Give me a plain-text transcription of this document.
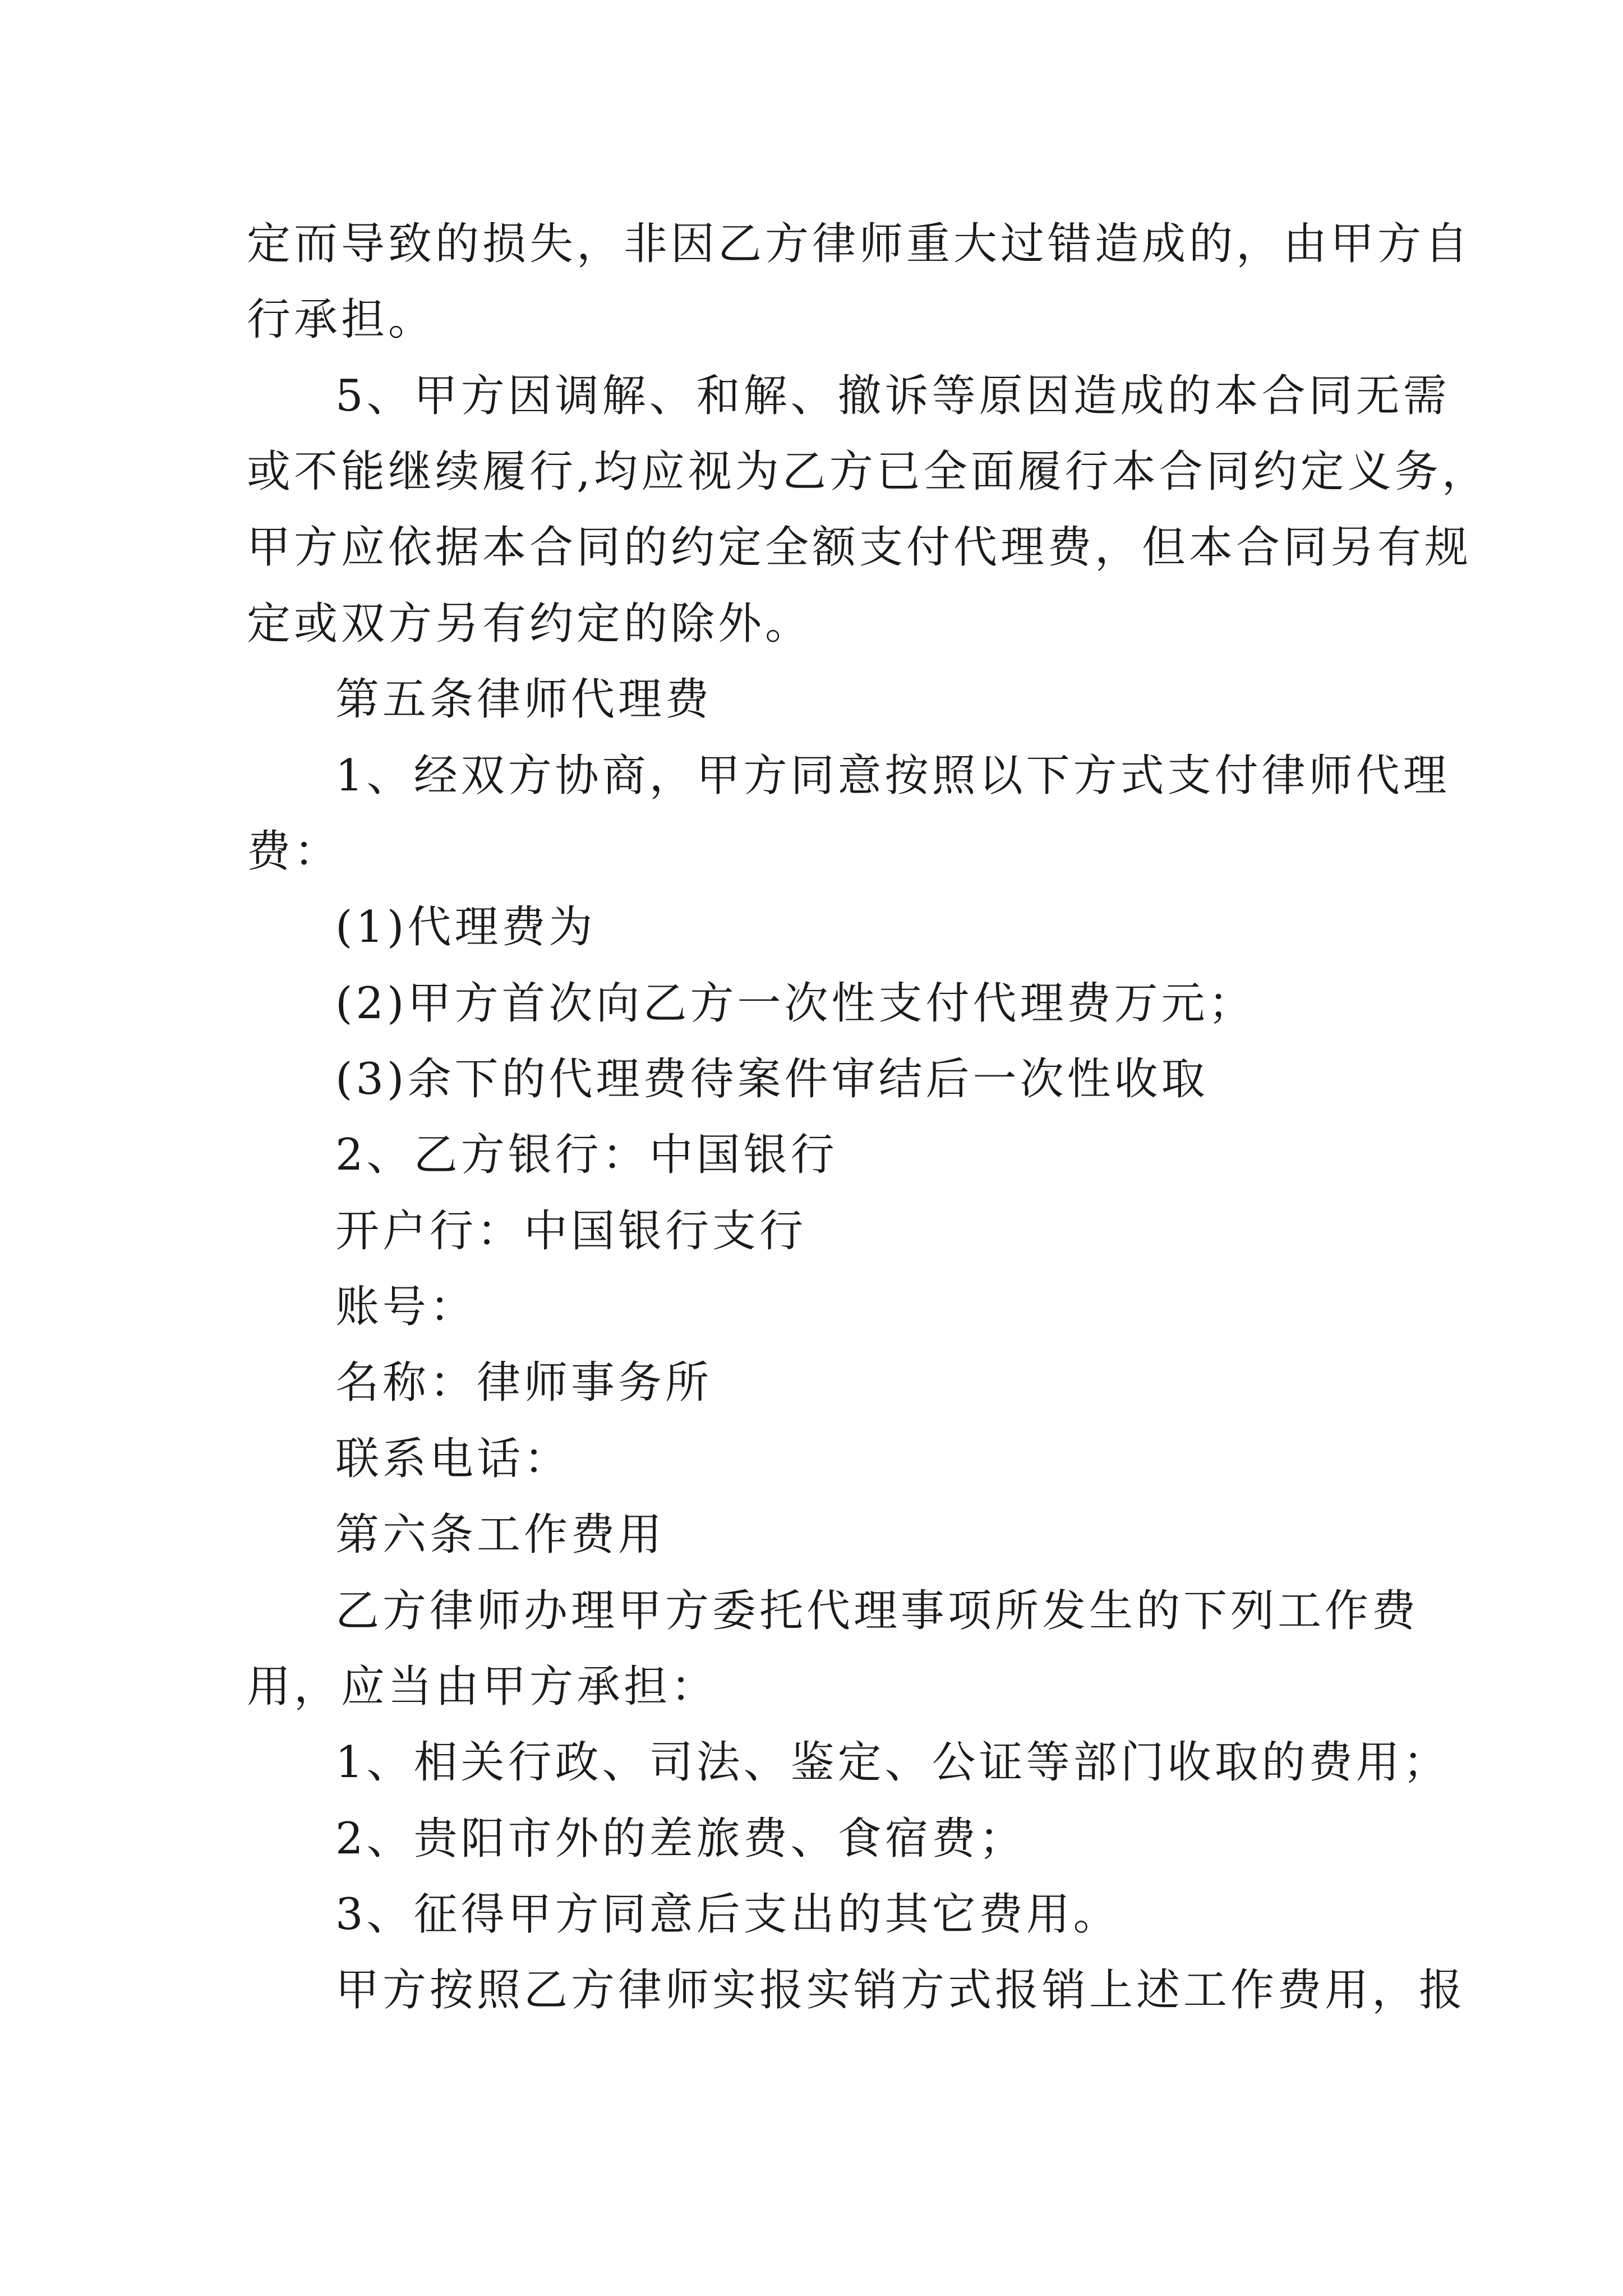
定而导致的损失，非因乙方律师重大过错造成的，由甲方自
行承担。
5、甲方因调解、和解、撤诉等原因造成的本合同无需
或不能继续履行,均应视为乙方已全面履行本合同约定义务，
甲方应依据本合同的约定全额支付代理费，但本合同另有规
定或双方另有约定的除外。
第五条律师代理费
1、经双方协商，甲方同意按照以下方式支付律师代理
费：
(1)代理费为
(2)甲方首次向乙方一次性支付代理费万元；
(3)余下的代理费待案件审结后一次性收取
2、乙方银行：中国银行
开户行：中国银行支行
账号：
名称：律师事务所
联系电话：
第六条工作费用
乙方律师办理甲方委托代理事项所发生的下列工作费
用，应当由甲方承担：
1、相关行政、司法、鉴定、公证等部门收取的费用；
2、贵阳市外的差旅费、食宿费；
3、征得甲方同意后支出的其它费用。
甲方按照乙方律师实报实销方式报销上述工作费用，报
